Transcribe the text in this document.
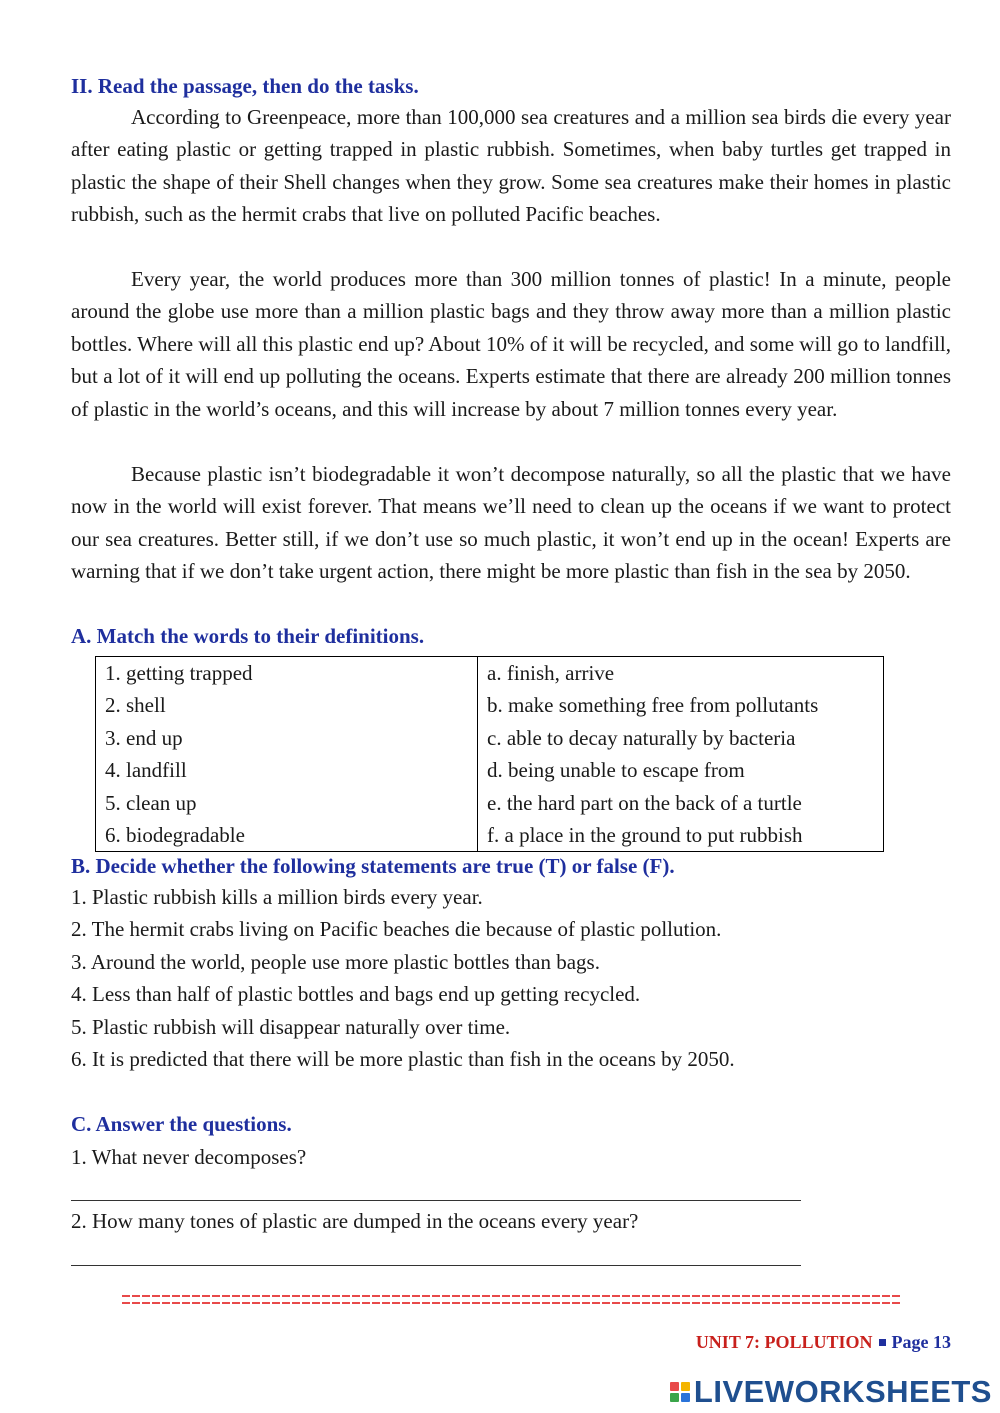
II. Read the passage, then do the tasks.

According to Greenpeace, more than 100,000 sea creatures and a million sea birds die every year after eating plastic or getting trapped in plastic rubbish. Sometimes, when baby turtles get trapped in plastic the shape of their Shell changes when they grow. Some sea creatures make their homes in plastic rubbish, such as the hermit crabs that live on polluted Pacific beaches.

Every year, the world produces more than 300 million tonnes of plastic! In a minute, people around the globe use more than a million plastic bags and they throw away more than a million plastic bottles. Where will all this plastic end up? About 10% of it will be recycled, and some will go to landfill, but a lot of it will end up polluting the oceans. Experts estimate that there are already 200 million tonnes of plastic in the world’s oceans, and this will increase by about 7 million tonnes every year.

Because plastic isn’t biodegradable it won’t decompose naturally, so all the plastic that we have now in the world will exist forever. That means we’ll need to clean up the oceans if we want to protect our sea creatures. Better still, if we don’t use so much plastic, it won’t end up in the ocean! Experts are warning that if we don’t take urgent action, there might be more plastic than fish in the sea by 2050.

A. Match the words to their definitions.
1. getting trapped	a. finish, arrive
2. shell	b. make something free from pollutants
3. end up	c. able to decay naturally by bacteria
4. landfill	d. being unable to escape from
5. clean up	e. the hard part on the back of a turtle
6. biodegradable	f. a place in the ground to put rubbish
B. Decide whether the following statements are true (T) or false (F).
1. Plastic rubbish kills a million birds every year.
2. The hermit crabs living on Pacific beaches die because of plastic pollution.
3. Around the world, people use more plastic bottles than bags.
4. Less than half of plastic bottles and bags end up getting recycled.
5. Plastic rubbish will disappear naturally over time.
6. It is predicted that there will be more plastic than fish in the oceans by 2050.
C. Answer the questions.
1. What never decomposes?
2. How many tones of plastic are dumped in the oceans every year?
UNIT 7: POLLUTION Page 13
LIVEWORKSHEETS
